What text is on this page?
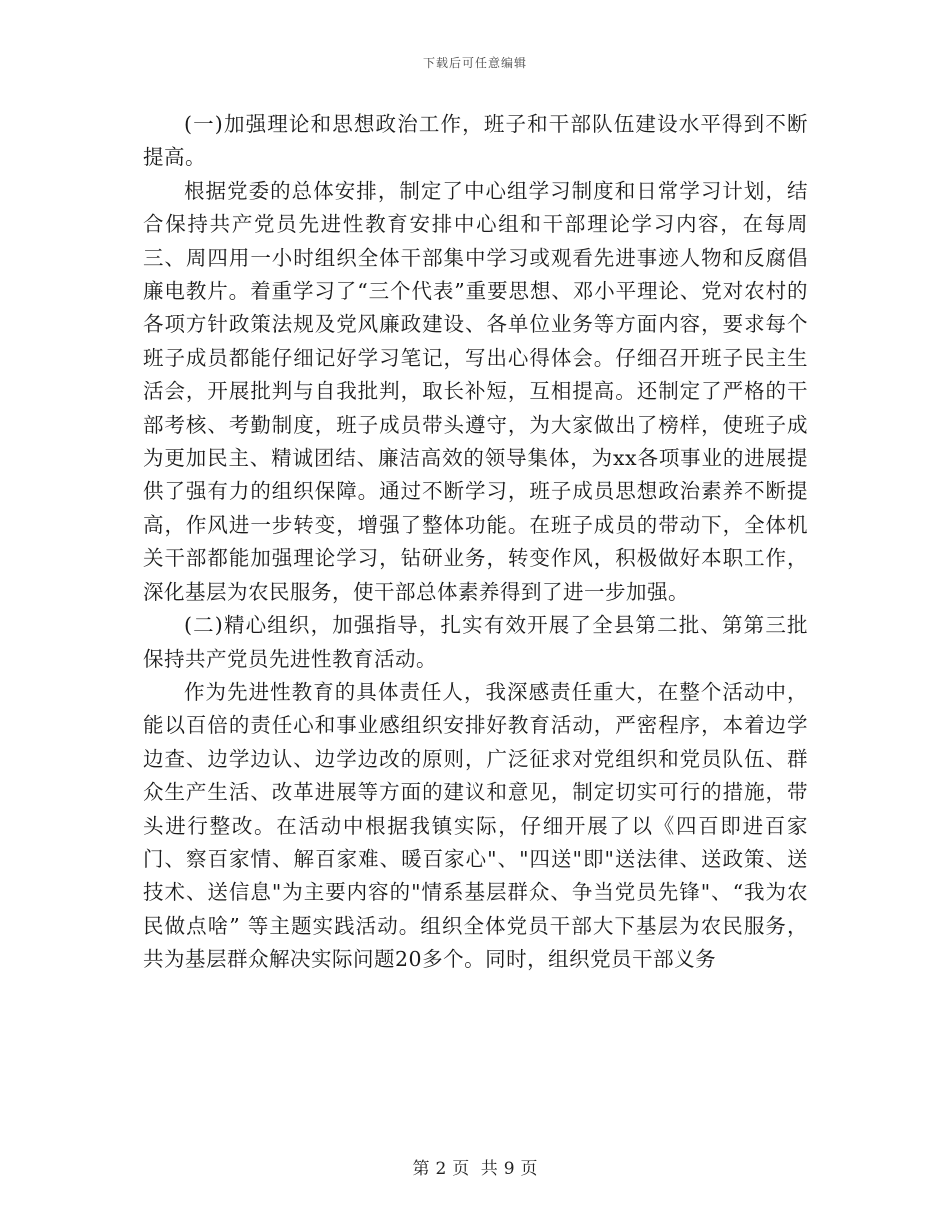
下载后可任意编辑

(一)加强理论和思想政治工作，班子和干部队伍建设水平得到不断提高。

根据党委的总体安排，制定了中心组学习制度和日常学习计划，结合保持共产党员先进性教育安排中心组和干部理论学习内容，在每周三、周四用一小时组织全体干部集中学习或观看先进事迹人物和反腐倡廉电教片。着重学习了“三个代表”重要思想、邓小平理论、党对农村的各项方针政策法规及党风廉政建设、各单位业务等方面内容，要求每个班子成员都能仔细记好学习笔记，写出心得体会。仔细召开班子民主生活会，开展批判与自我批判，取长补短，互相提高。还制定了严格的干部考核、考勤制度，班子成员带头遵守，为大家做出了榜样，使班子成为更加民主、精诚团结、廉洁高效的领导集体，为xx各项事业的进展提供了强有力的组织保障。通过不断学习，班子成员思想政治素养不断提高，作风进一步转变，增强了整体功能。在班子成员的带动下，全体机关干部都能加强理论学习，钻研业务，转变作风，积极做好本职工作，深化基层为农民服务，使干部总体素养得到了进一步加强。

(二)精心组织，加强指导，扎实有效开展了全县第二批、第第三批保持共产党员先进性教育活动。

作为先进性教育的具体责任人，我深感责任重大，在整个活动中，能以百倍的责任心和事业感组织安排好教育活动，严密程序，本着边学边查、边学边认、边学边改的原则，广泛征求对党组织和党员队伍、群众生产生活、改革进展等方面的建议和意见，制定切实可行的措施，带头进行整改。在活动中根据我镇实际，仔细开展了以《四百即进百家门、察百家情、解百家难、暖百家心"、"四送"即"送法律、送政策、送技术、送信息"为主要内容的"情系基层群众、争当党员先锋"、“我为农民做点啥” 等主题实践活动。组织全体党员干部大下基层为农民服务，共为基层群众解决实际问题20多个。同时，组织党员干部义务

第 2 页 共 9 页
